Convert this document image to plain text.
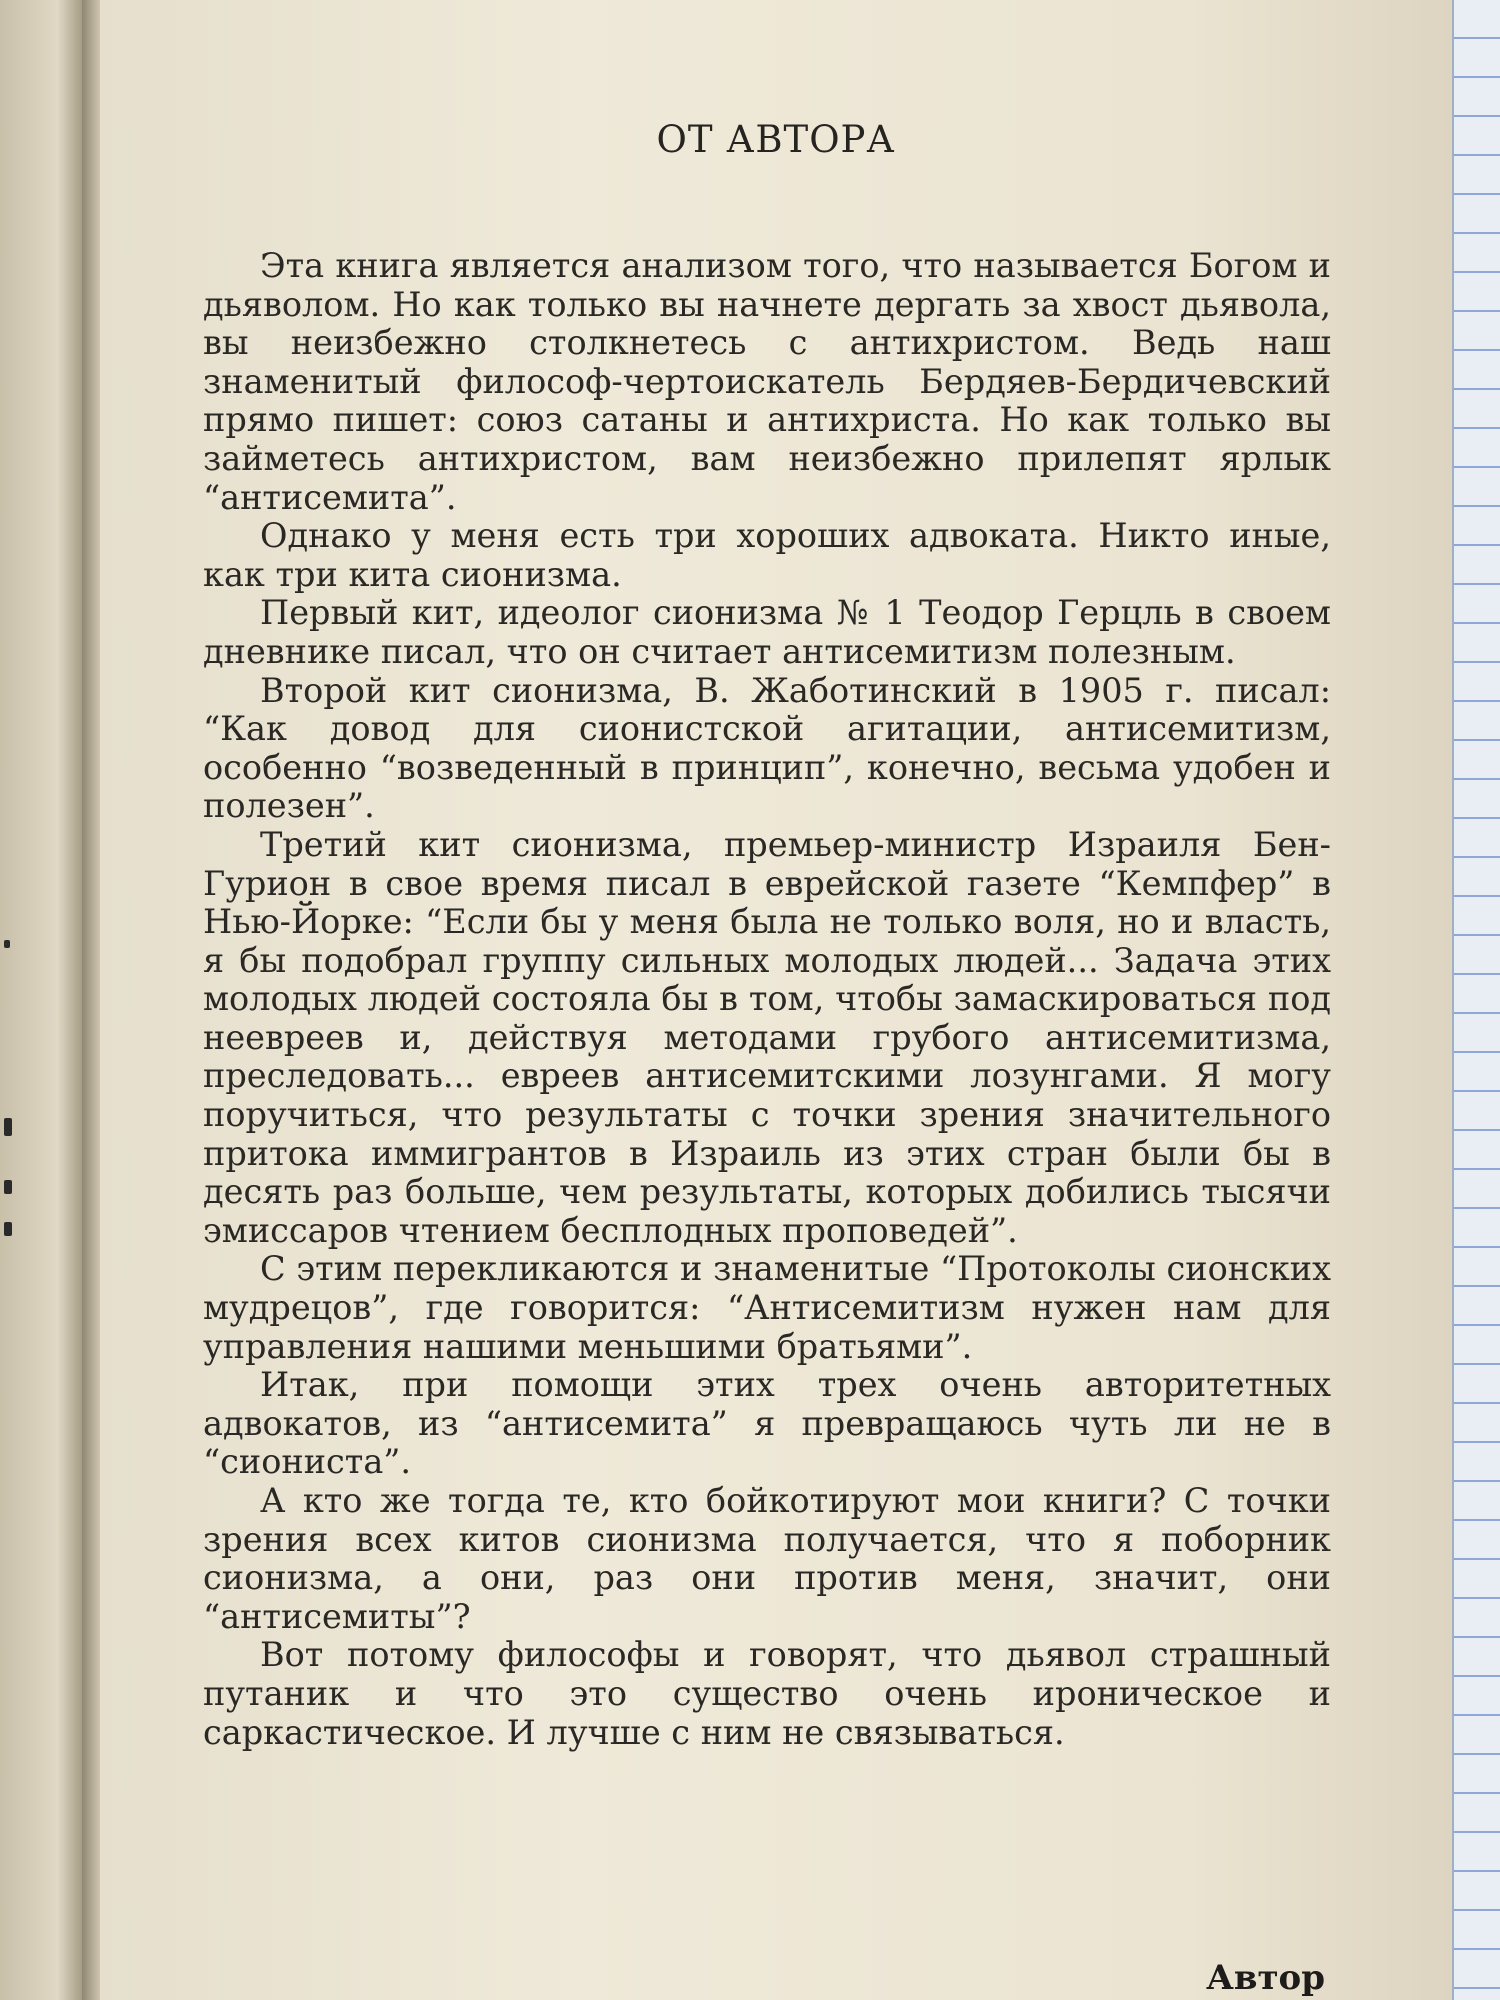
ОТ АВТОРА

Эта книга является анализом того, что называется Богом и дьяволом. Но как только вы начнете дергать за хвост дьявола, вы неизбежно столкнетесь с антихристом. Ведь наш знаменитый философ-чертоискатель Бердяев-Бердичевский прямо пишет: союз сатаны и антихриста. Но как только вы займетесь антихристом, вам неизбежно прилепят ярлык “антисемита”.

Однако у меня есть три хороших адвоката. Никто иные, как три кита сионизма.

Первый кит, идеолог сионизма № 1 Теодор Герцль в своем дневнике писал, что он считает антисемитизм полезным.

Второй кит сионизма, В. Жаботинский в 1905 г. писал: “Как довод для сионистской агитации, антисемитизм, особенно “возведенный в принцип”, конечно, весьма удобен и полезен”.

Третий кит сионизма, премьер-министр Израиля Бен-Гурион в свое время писал в еврейской газете “Кемпфер” в Нью-Йорке: “Если бы у меня была не только воля, но и власть, я бы подобрал группу сильных молодых людей... Задача этих молодых людей состояла бы в том, чтобы замаскироваться под неевреев и, действуя методами грубого антисемитизма, преследовать... евреев антисемитскими лозунгами. Я могу поручиться, что результаты с точки зрения значительного притока иммигрантов в Израиль из этих стран были бы в десять раз больше, чем результаты, которых добились тысячи эмиссаров чтением бесплодных проповедей”.

С этим перекликаются и знаменитые “Протоколы сионских мудрецов”, где говорится: “Антисемитизм нужен нам для управления нашими меньшими братьями”.

Итак, при помощи этих трех очень авторитетных адвокатов, из “антисемита” я превращаюсь чуть ли не в “сиониста”.

А кто же тогда те, кто бойкотируют мои книги? С точки зрения всех китов сионизма получается, что я поборник сионизма, а они, раз они против меня, значит, они “антисемиты”?

Вот потому философы и говорят, что дьявол страшный путаник и что это существо очень ироническое и саркастическое. И лучше с ним не связываться.

Автор
